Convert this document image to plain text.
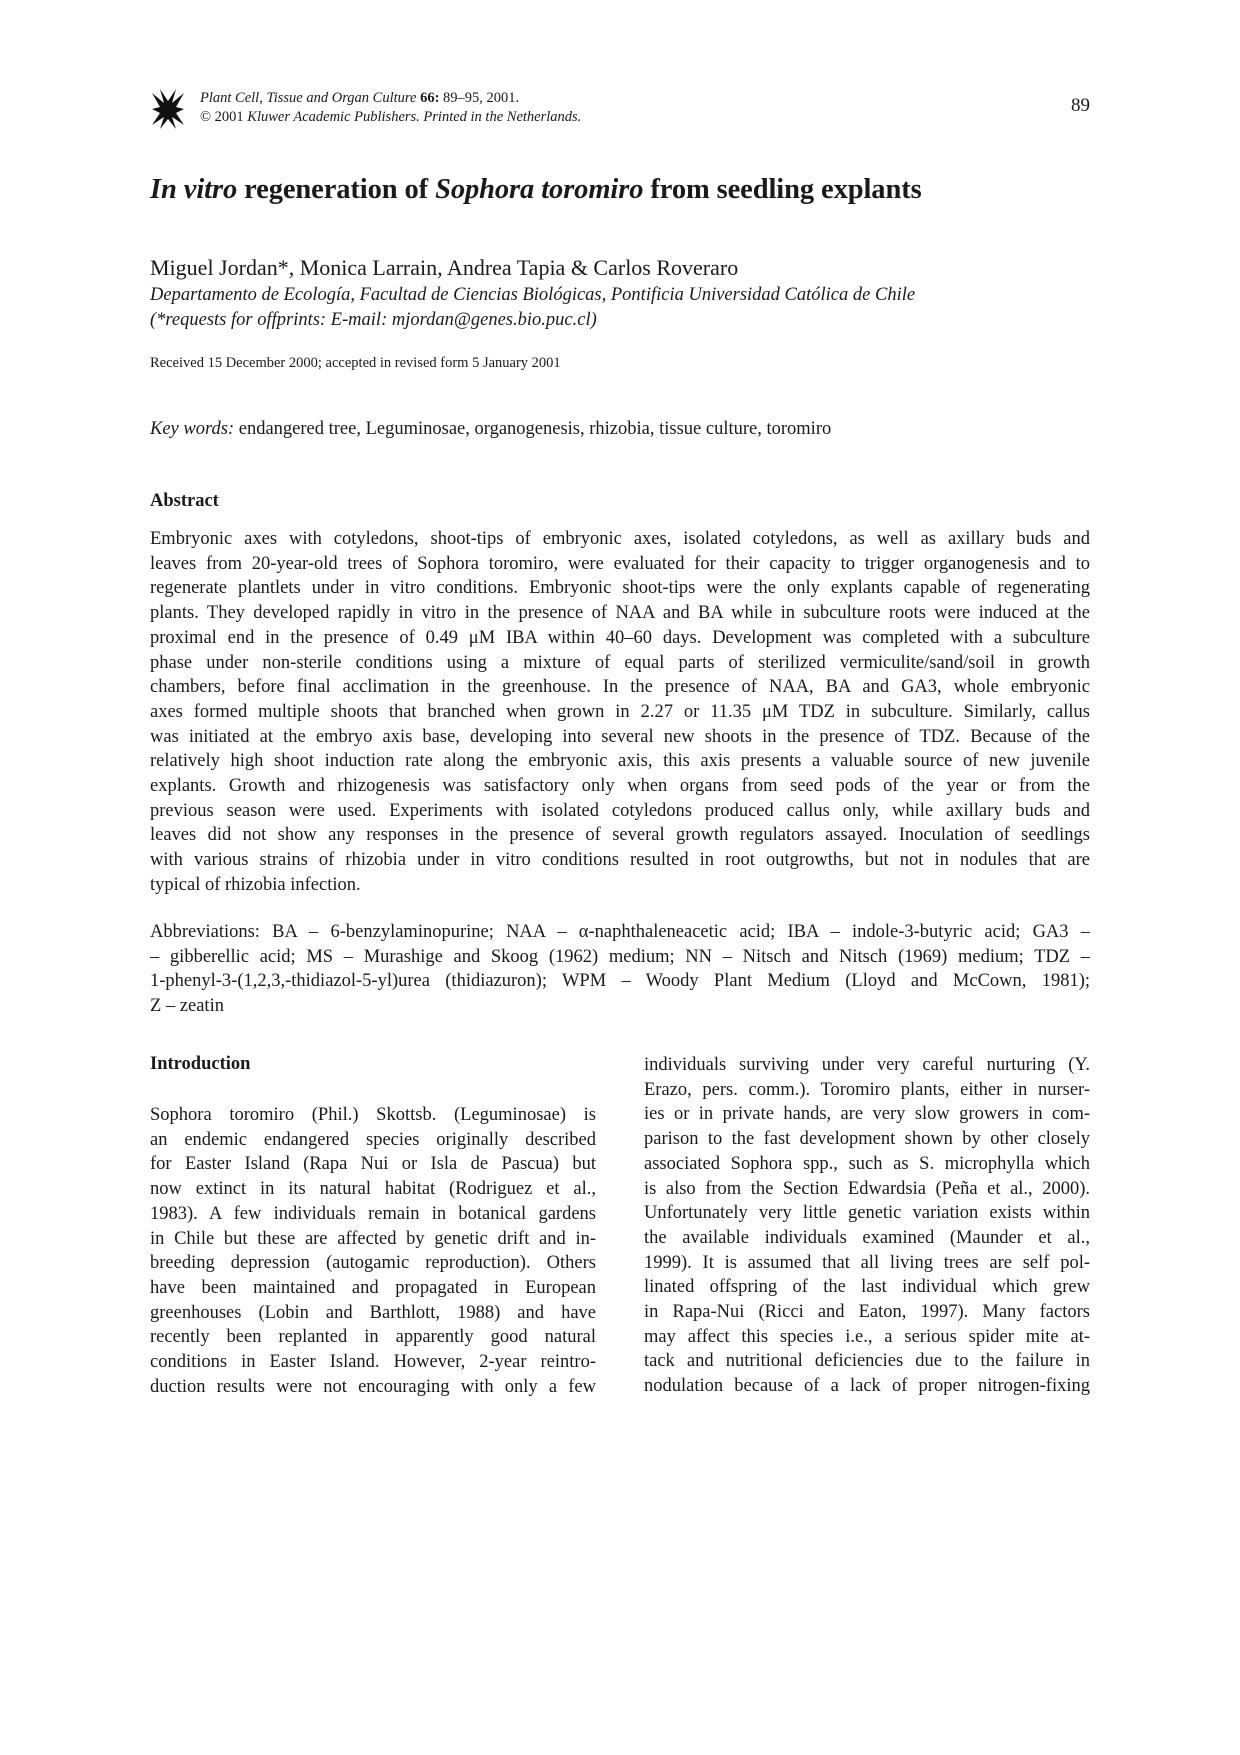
Plant Cell, Tissue and Organ Culture 66: 89–95, 2001.
© 2001 Kluwer Academic Publishers. Printed in the Netherlands.
89
In vitro regeneration of Sophora toromiro from seedling explants
Miguel Jordan*, Monica Larrain, Andrea Tapia & Carlos Roveraro
Departamento de Ecología, Facultad de Ciencias Biológicas, Pontificia Universidad Católica de Chile
(*requests for offprints: E-mail: mjordan@genes.bio.puc.cl)
Received 15 December 2000; accepted in revised form 5 January 2001
Key words: endangered tree, Leguminosae, organogenesis, rhizobia, tissue culture, toromiro
Abstract
Embryonic axes with cotyledons, shoot-tips of embryonic axes, isolated cotyledons, as well as axillary buds and
leaves from 20-year-old trees of Sophora toromiro, were evaluated for their capacity to trigger organogenesis and to
regenerate plantlets under in vitro conditions. Embryonic shoot-tips were the only explants capable of regenerating
plants. They developed rapidly in vitro in the presence of NAA and BA while in subculture roots were induced at the
proximal end in the presence of 0.49 μM IBA within 40–60 days. Development was completed with a subculture
phase under non-sterile conditions using a mixture of equal parts of sterilized vermiculite/sand/soil in growth
chambers, before final acclimation in the greenhouse. In the presence of NAA, BA and GA3, whole embryonic
axes formed multiple shoots that branched when grown in 2.27 or 11.35 μM TDZ in subculture. Similarly, callus
was initiated at the embryo axis base, developing into several new shoots in the presence of TDZ. Because of the
relatively high shoot induction rate along the embryonic axis, this axis presents a valuable source of new juvenile
explants. Growth and rhizogenesis was satisfactory only when organs from seed pods of the year or from the
previous season were used. Experiments with isolated cotyledons produced callus only, while axillary buds and
leaves did not show any responses in the presence of several growth regulators assayed. Inoculation of seedlings
with various strains of rhizobia under in vitro conditions resulted in root outgrowths, but not in nodules that are
typical of rhizobia infection.
Abbreviations: BA – 6-benzylaminopurine; NAA – α-naphthaleneacetic acid; IBA – indole-3-butyric acid; GA3 –
– gibberellic acid; MS – Murashige and Skoog (1962) medium; NN – Nitsch and Nitsch (1969) medium; TDZ –
1-phenyl-3-(1,2,3,-thidiazol-5-yl)urea (thidiazuron); WPM – Woody Plant Medium (Lloyd and McCown, 1981);
Z – zeatin
Introduction
Sophora toromiro (Phil.) Skottsb. (Leguminosae) is
an endemic endangered species originally described
for Easter Island (Rapa Nui or Isla de Pascua) but
now extinct in its natural habitat (Rodriguez et al.,
1983). A few individuals remain in botanical gardens
in Chile but these are affected by genetic drift and in-
breeding depression (autogamic reproduction). Others
have been maintained and propagated in European
greenhouses (Lobin and Barthlott, 1988) and have
recently been replanted in apparently good natural
conditions in Easter Island. However, 2-year reintro-
duction results were not encouraging with only a few
individuals surviving under very careful nurturing (Y.
Erazo, pers. comm.). Toromiro plants, either in nurser-
ies or in private hands, are very slow growers in com-
parison to the fast development shown by other closely
associated Sophora spp., such as S. microphylla which
is also from the Section Edwardsia (Peña et al., 2000).
Unfortunately very little genetic variation exists within
the available individuals examined (Maunder et al.,
1999). It is assumed that all living trees are self pol-
linated offspring of the last individual which grew
in Rapa-Nui (Ricci and Eaton, 1997). Many factors
may affect this species i.e., a serious spider mite at-
tack and nutritional deficiencies due to the failure in
nodulation because of a lack of proper nitrogen-fixing
